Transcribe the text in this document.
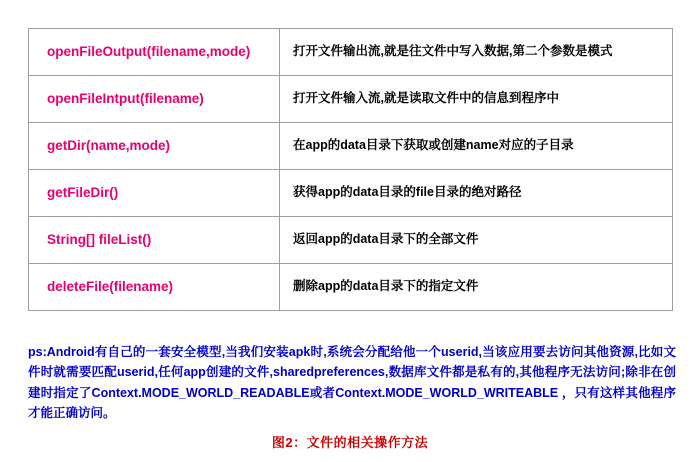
openFileOutput(filename,mode)	打开文件输出流,就是往文件中写入数据,第二个参数是模式

openFileIntput(filename)	打开文件输入流,就是读取文件中的信息到程序中

getDir(name,mode)	在app的data目录下获取或创建name对应的子目录

getFileDir()	获得app的data目录的file目录的绝对路径

String[] fileList()	返回app的data目录下的全部文件

deleteFile(filename)	删除app的data目录下的指定文件
ps:Android有自己的一套安全模型,当我们安装apk时,系统会分配给他一个userid,当该应用要去访问其他资源,比如文件时就需要匹配userid,任何app创建的文件,sharedpreferences,数据库文件都是私有的,其他程序无法访问;除非在创建时指定了Context.MODE_WORLD_READABLE或者Context.MODE_WORLD_WRITEABLE ，只有这样其他程序才能正确访问。
图2：文件的相关操作方法
